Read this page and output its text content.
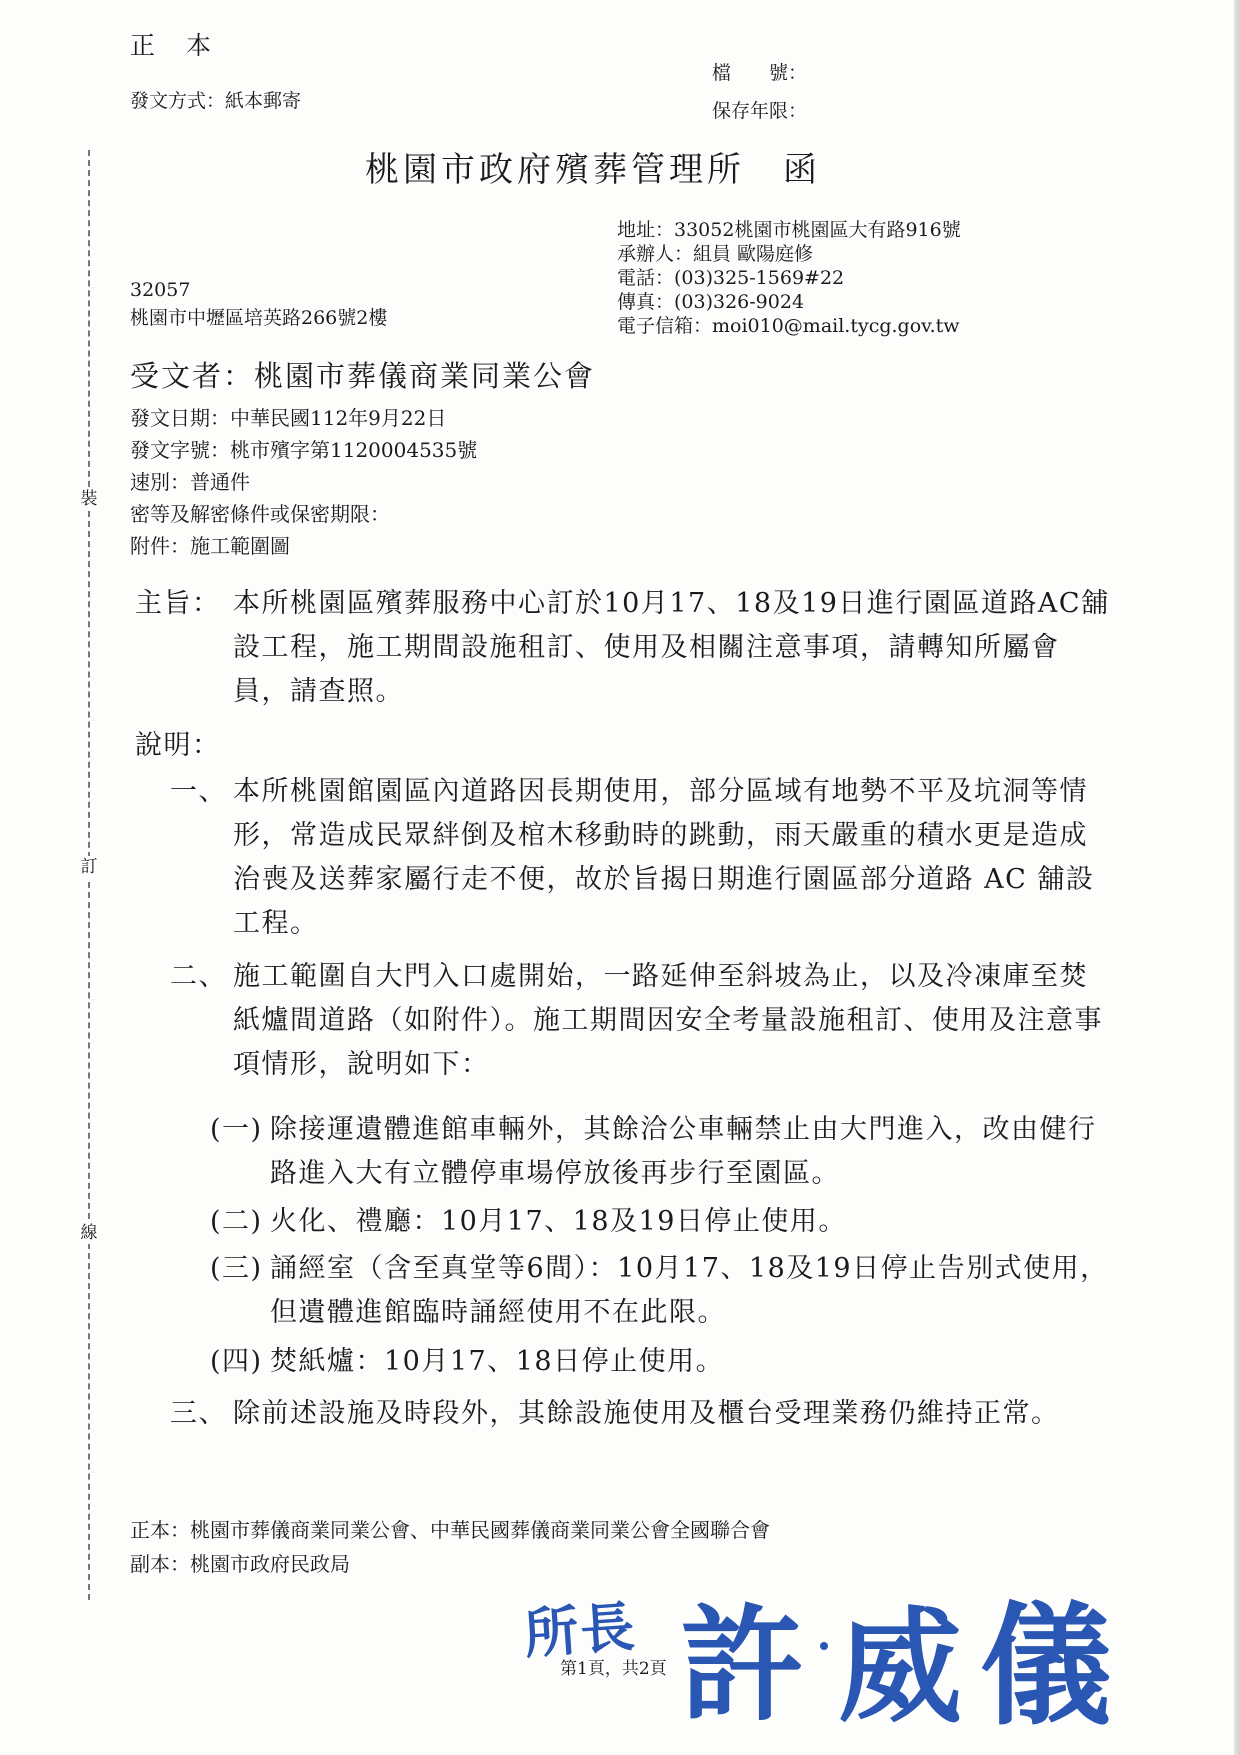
裝
訂
線
正　本
發文方式：紙本郵寄
檔　　號：
保存年限：
桃園市政府殯葬管理所　函
地址：33052桃園市桃園區大有路916號
承辦人：組員 歐陽庭修
電話：(03)325-1569#22
傳真：(03)326-9024
電子信箱：moi010@mail.tycg.gov.tw
32057
桃園市中壢區培英路266號2樓
受文者：桃園市葬儀商業同業公會
發文日期：中華民國112年9月22日
發文字號：桃市殯字第1120004535號
速別：普通件
密等及解密條件或保密期限：
附件：施工範圍圖
主旨： 本所桃園區殯葬服務中心訂於10月17、18及19日進行園區道路AC舖設工程，施工期間設施租訂、使用及相關注意事項，請轉知所屬會員，請查照。
說明：
一、 本所桃園館園區內道路因長期使用，部分區域有地勢不平及坑洞等情形，常造成民眾絆倒及棺木移動時的跳動，雨天嚴重的積水更是造成治喪及送葬家屬行走不便，故於旨揭日期進行園區部分道路 AC 舖設工程。
二、 施工範圍自大門入口處開始，一路延伸至斜坡為止，以及冷凍庫至焚紙爐間道路（如附件）。施工期間因安全考量設施租訂、使用及注意事項情形，說明如下：
(一) 除接運遺體進館車輛外，其餘洽公車輛禁止由大門進入，改由健行路進入大有立體停車場停放後再步行至園區。
(二) 火化、禮廳：10月17、18及19日停止使用。
(三) 誦經室（含至真堂等6間）：10月17、18及19日停止告別式使用，但遺體進館臨時誦經使用不在此限。
(四) 焚紙爐：10月17、18日停止使用。
三、 除前述設施及時段外，其餘設施使用及櫃台受理業務仍維持正常。
正本：桃園市葬儀商業同業公會、中華民國葬儀商業同業公會全國聯合會
副本：桃園市政府民政局
所長 許 威 儀
第1頁，共2頁
